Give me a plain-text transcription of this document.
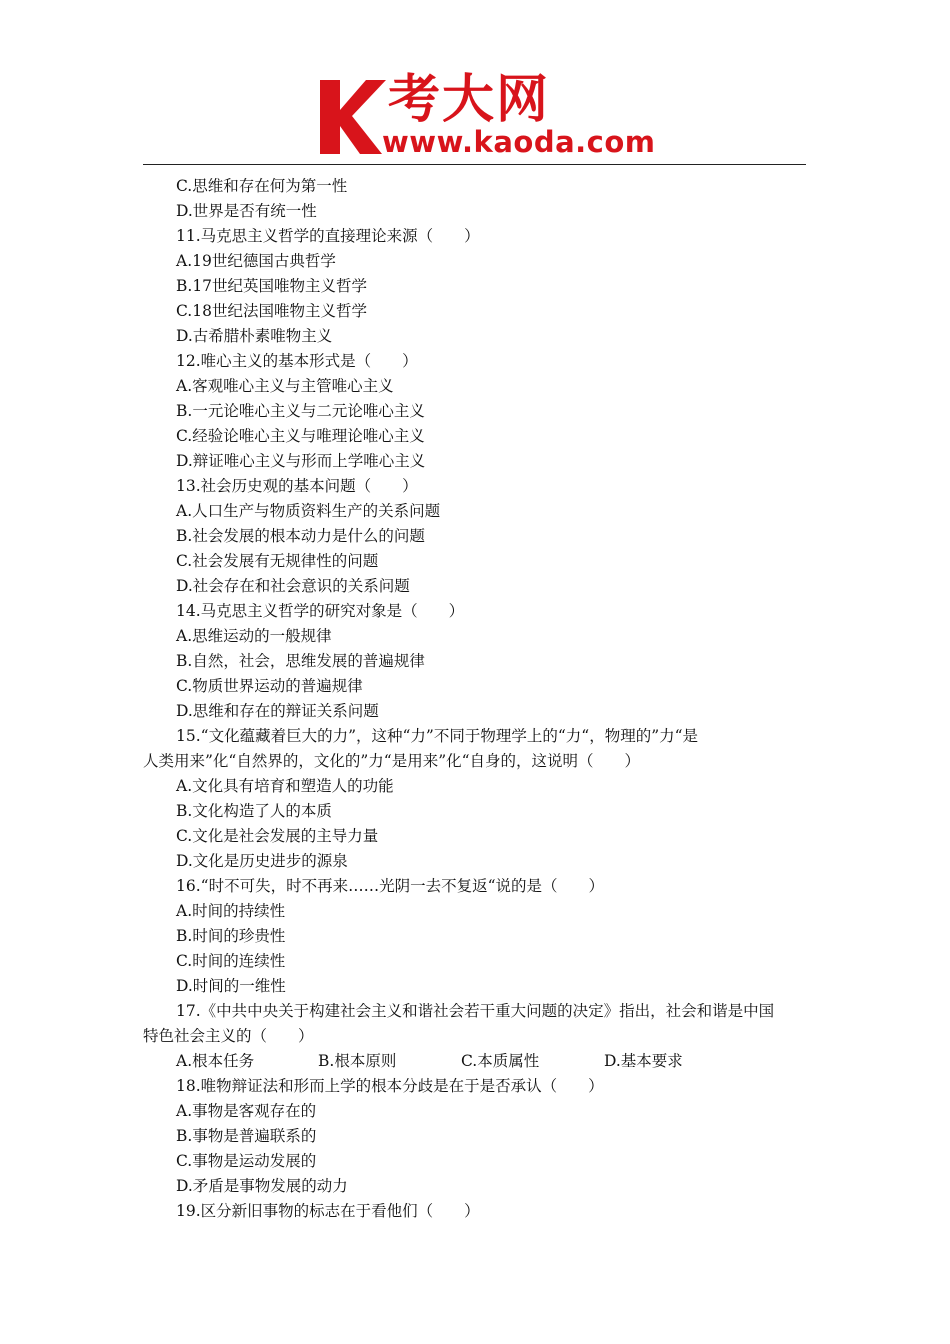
考大网
www.kaoda.com
C.思维和存在何为第一性
D.世界是否有统一性
11.马克思主义哲学的直接理论来源（　　）
A.19世纪德国古典哲学
B.17世纪英国唯物主义哲学
C.18世纪法国唯物主义哲学
D.古希腊朴素唯物主义
12.唯心主义的基本形式是（　　）
A.客观唯心主义与主管唯心主义
B.一元论唯心主义与二元论唯心主义
C.经验论唯心主义与唯理论唯心主义
D.辩证唯心主义与形而上学唯心主义
13.社会历史观的基本问题（　　）
A.人口生产与物质资料生产的关系问题
B.社会发展的根本动力是什么的问题
C.社会发展有无规律性的问题
D.社会存在和社会意识的关系问题
14.马克思主义哲学的研究对象是（　　）
A.思维运动的一般规律
B.自然，社会，思维发展的普遍规律
C.物质世界运动的普遍规律
D.思维和存在的辩证关系问题
15.“文化蕴藏着巨大的力”，这种“力”不同于物理学上的“力“，物理的”力“是
人类用来”化“自然界的，文化的”力“是用来”化“自身的，这说明（　　）
A.文化具有培育和塑造人的功能
B.文化构造了人的本质
C.文化是社会发展的主导力量
D.文化是历史进步的源泉
16.“时不可失，时不再来……光阴一去不复返“说的是（　　）
A.时间的持续性
B.时间的珍贵性
C.时间的连续性
D.时间的一维性
17.《中共中央关于构建社会主义和谐社会若干重大问题的决定》指出，社会和谐是中国
特色社会主义的（　　）
A.根本任务	B.根本原则	C.本质属性	D.基本要求
18.唯物辩证法和形而上学的根本分歧是在于是否承认（　　）
A.事物是客观存在的
B.事物是普遍联系的
C.事物是运动发展的
D.矛盾是事物发展的动力
19.区分新旧事物的标志在于看他们（　　）
